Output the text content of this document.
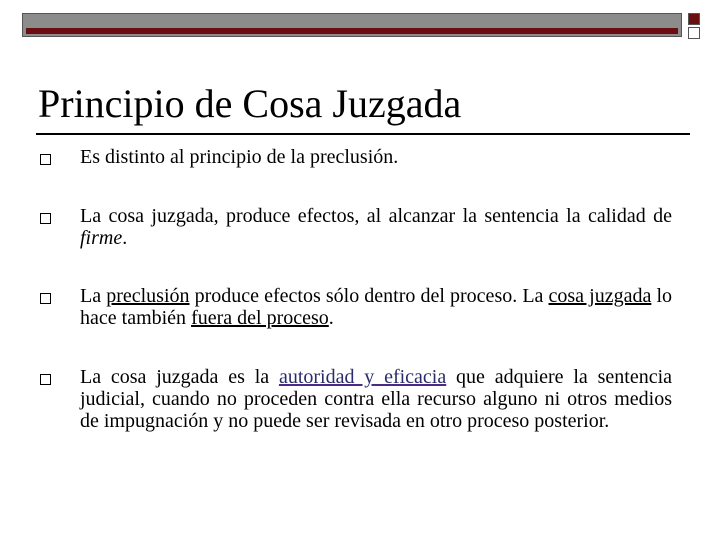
Principio de Cosa Juzgada
Es distinto al principio de la preclusión.
La cosa juzgada, produce efectos, al alcanzar la sentencia la calidad de firme.
La preclusión produce efectos sólo dentro del proceso. La cosa juzgada lo hace también fuera del proceso.
La cosa juzgada es la autoridad y eficacia que adquiere la sentencia judicial, cuando no proceden contra ella recurso alguno ni otros medios de impugnación y no puede ser revisada en otro proceso posterior.
